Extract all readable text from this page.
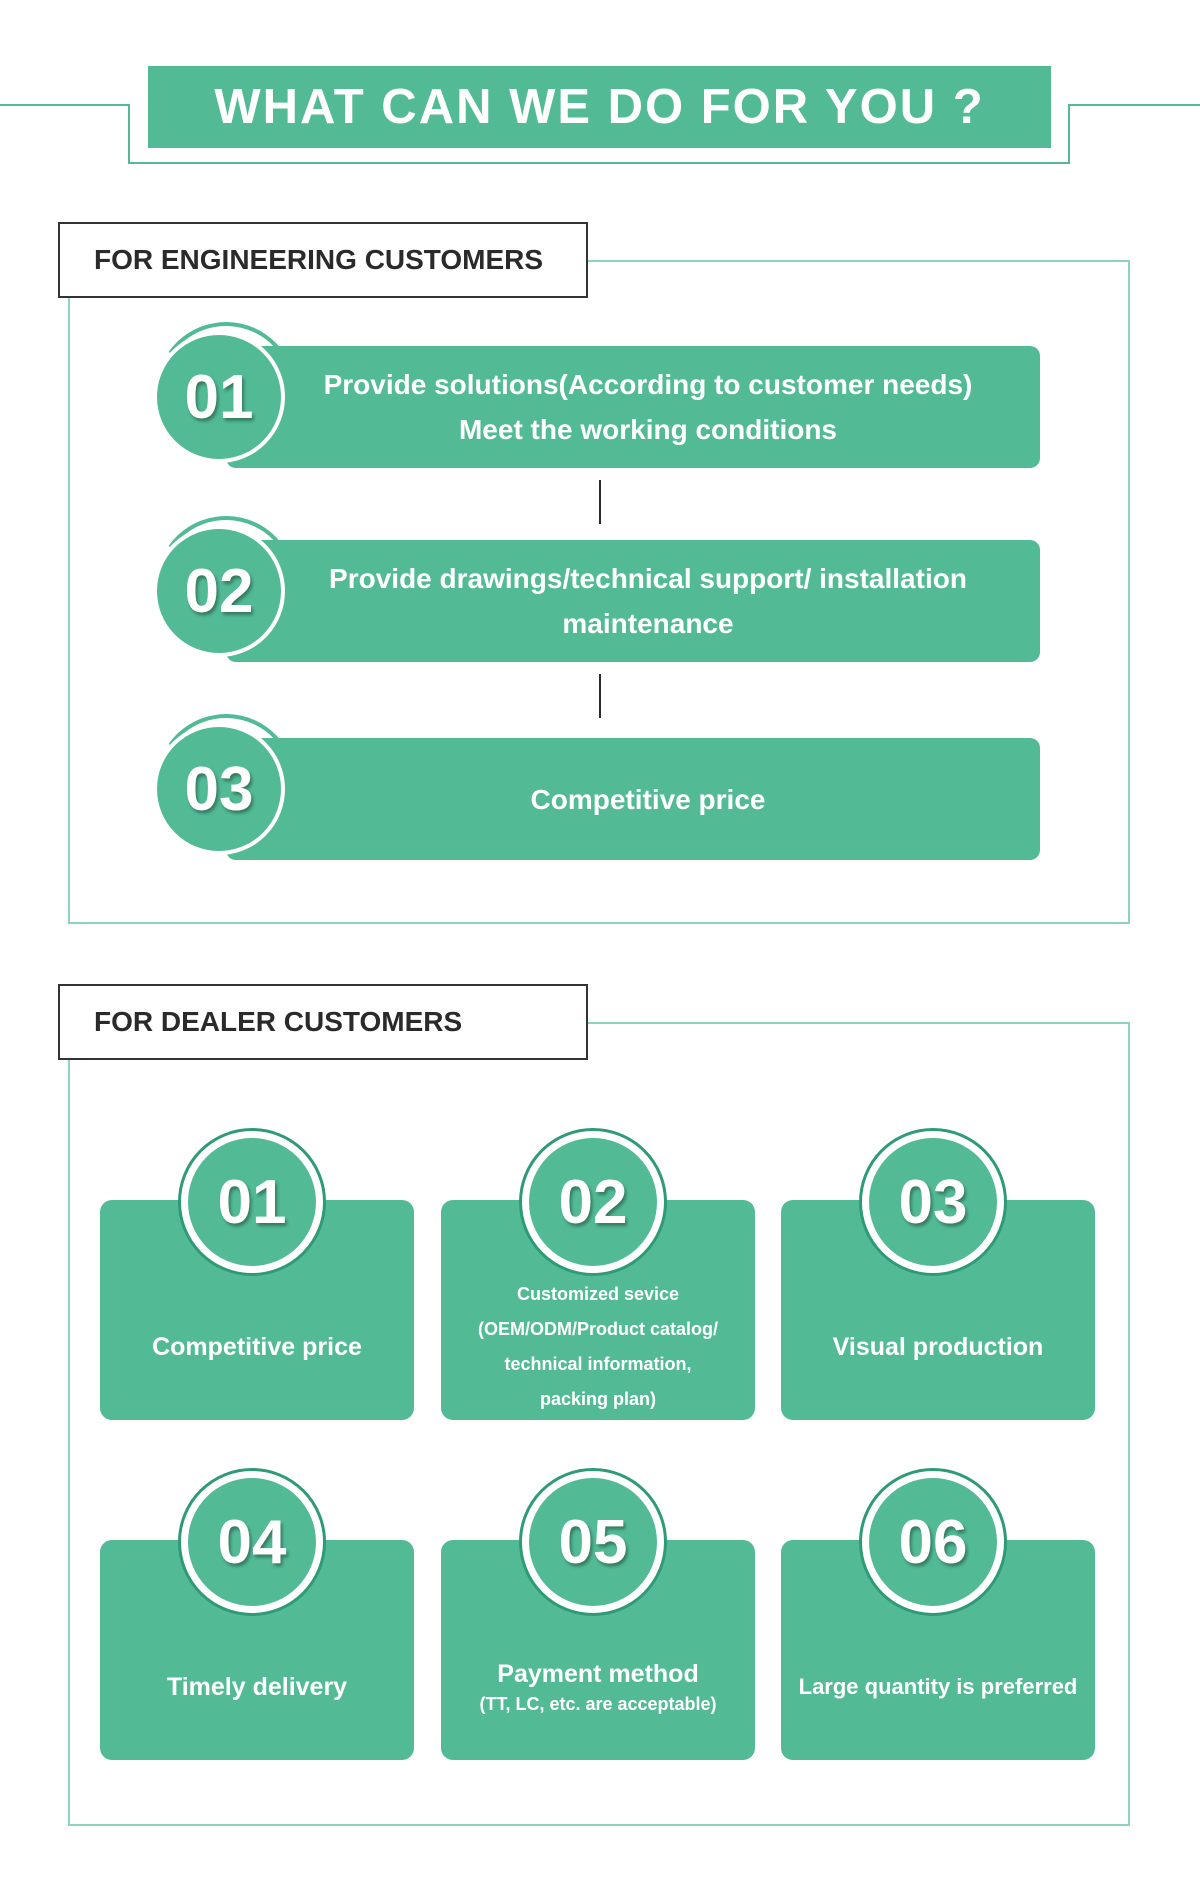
WHAT CAN WE DO FOR YOU ?
FOR ENGINEERING CUSTOMERS
Provide solutions(According to customer needs)
Meet the working conditions
01
Provide drawings/technical support/ installation
maintenance
02
Competitive price
03
FOR DEALER CUSTOMERS
01
Competitive price
02
Customized sevice
(OEM/ODM/Product catalog/
technical information,
packing plan)
03
Visual production
04
Timely delivery
05
Payment method
(TT, LC, etc. are acceptable)
06
Large quantity is preferred
